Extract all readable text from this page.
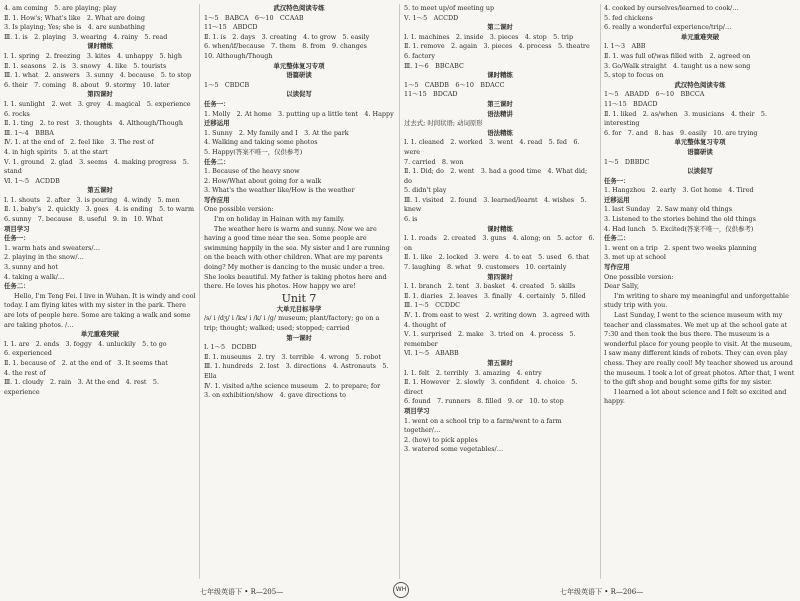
4. am coming　5. are playing; play
Ⅱ. 1. How's; What's like　2. What are doing
3. Is playing; Yes; she is　4. are sunbathing
Ⅲ. 1. is　2. playing　3. wearing　4. rainy　5. read
课时精练
Ⅰ. 1. spring　2. freezing　3. kites　4. unhappy　5. high
Ⅱ. 1. seasons　2. is　3. snowy　4. like　5. tourists
Ⅲ. 1. what　2. answers　3. sunny　4. because　5. to stop
6. their　7. coming　8. about　9. stormy　10. later
第四课时
Ⅰ. 1. sunlight　2. wet　3. grey　4. magical　5. experience
6. rocks
Ⅱ. 1. ting　2. to rest　3. thoughts　4. Although/Though
Ⅲ. 1～4　BBBA
Ⅳ. 1. at the end of　2. feel like　3. The rest of
4. in high spirits　5. at the start
Ⅴ. 1. ground　2. glad　3. seems　4. making progress　5. stand
Ⅵ. 1～5　ACDDB
第五课时
Ⅰ. 1. shouts　2. after　3. is pouring　4. windy　5. men
Ⅱ. 1. baby's　2. quickly　3. goes　4. is ending　5. to warm
6. sunny　7. because　8. useful　9. in　10. What
项目学习
任务一：
1. warm hats and sweaters/…
2. playing in the snow/…
3. sunny and hot
4. taking a walk/…
任务二：
Hello, I'm Teng Fei. I live in Wuhan. It is windy and cool today. I am flying kites with my sister in the park. There are lots of people here. Some are taking a walk and some are taking photos. /…
单元重难突破
Ⅰ. 1. are　2. ends　3. foggy　4. unluckily　5. to go
6. experienced
Ⅱ. 1. because of　2. at the end of　3. It seems that
4. the rest of
Ⅲ. 1. cloudy　2. rain　3. At the end　4. rest　5. experience
武汉特色阅读专练
1～5　BABCA　6～10　CCAAB
11～15　ABDCD
Ⅱ. 1. is　2. days　3. creating　4. to grow　5. easily
6. when/if/because　7. them　8. from　9. changes
10. Although/Though
单元整体复习专项
语篇研读
1～5　CBDCB
以读促写
任务一：
1. Molly　2. At home　3. putting up a little tent　4. Happy
迁移运用
1. Sunny　2. My family and I　3. At the park
4. Walking and taking some photos
5. Happy(答案不唯一，仅供参考)
任务二：
1. Because of the heavy snow
2. How/What about going for a walk
3. What's the weather like/How is the weather
写作应用
One possible version:
I'm on holiday in Hainan with my family.
The weather here is warm and sunny. Now we are having a good time near the sea. Some people are swimming happily in the sea. My sister and I are running on the beach with other children. What are my parents doing? My mother is dancing to the music under a tree. She looks beautiful. My father is taking photos here and there. He loves his photos. How happy we are!
Unit 7
大单元目标导学
/s/ i /dʒ/ i /ks/ i /k/ i /g/ museum; plant/factory; go on a trip; thought; walked; used; stopped; carried
第一课时
Ⅰ. 1～5　DCDBD
Ⅱ. 1. museums　2. try　3. terrible　4. wrong　5. robot
Ⅲ. 1. hundreds　2. lost　3. directions　4. Astronauts　5. Ella
Ⅳ. 1. visited a/the science museum　2. to prepare; for
3. on exhibition/show　4. gave directions to
5. to meet up/of meeting up
Ⅴ. 1～5　ACCDD
第二课时
Ⅰ. 1. machines　2. inside　3. pieces　4. stop　5. trip
Ⅱ. 1. remove　2. again　3. pieces　4. process　5. theatre
6. factory
Ⅲ. 1～6　BBCABC
课时精练
1～5　CABDB　6～10　BDACC
11～15　BDCAD
第三课时
语法精讲
过去式; 时间状语; 动词原形
语法精练
Ⅰ. 1. cleaned　2. worked　3. went　4. read　5. fed　6. were
7. carried　8. won
Ⅱ. 1. Did; do　2. went　3. had a good time　4. What did; do
5. didn't play
Ⅲ. 1. visited　2. found　3. learned/learnt　4. wishes　5. knew
6. is
课时精练
Ⅰ. 1. roads　2. created　3. guns　4. along; on　5. actor　6. on
Ⅱ. 1. like　2. locked　3. were　4. to eat　5. used　6. that
7. laughing　8. what　9. customers　10. certainly
第四课时
Ⅰ. 1. branch　2. tent　3. basket　4. created　5. skills
Ⅱ. 1. diaries　2. leaves　3. finally　4. certainly　5. filled
Ⅲ. 1～5　CCDDC
Ⅳ. 1. from east to west　2. writing down　3. agreed with
4. thought of
Ⅴ. 1. surprised　2. make　3. tried on　4. process　5. remember
Ⅵ. 1～5　ABABB
第五课时
Ⅰ. 1. felt　2. terribly　3. amazing　4. entry
Ⅱ. 1. However　2. slowly　3. confident　4. choice　5. direct
6. found　7. runners　8. filled　9. or　10. to stop
项目学习
1. went on a school trip to a farm/went to a farm together/…
2. (how) to pick apples
3. watered some vegetables/…
4. cooked by ourselves/learned to cook/…
5. fed chickens
6. really a wonderful experience/trip/…
单元重难突破
Ⅰ. 1～3　ABB
Ⅱ. 1. was full of/was filled with　2. agreed on
3. Go/Walk straight　4. taught us a new song
5. stop to focus on
武汉特色阅读专练
1～5　ABADD　6～10　BBCCA
11～15　BDACD
Ⅱ. 1. liked　2. as/when　3. musicians　4. their　5. interesting
6. for　7. and　8. has　9. easily　10. are trying
单元整体复习专项
语篇研读
1～5　DBBDC
以读促写
任务一：
1. Hangzhou　2. early　3. Got home　4. Tired
迁移运用
1. last Sunday　2. Saw many old things
3. Listened to the stories behind the old things
4. Had lunch　5. Excited(答案不唯一，仅供参考)
任务二：
1. went on a trip　2. spent two weeks planning
3. met up at school
写作应用
One possible version:
Dear Sally,
I'm writing to share my meaningful and unforgettable study trip with you.
Last Sunday, I went to the science museum with my teacher and classmates. We met up at the school gate at 7:30 and then took the bus there. The museum is a wonderful place for young people to visit. At the museum, I saw many different kinds of robots. They can even play chess. They are really cool! My teacher showed us around the museum. I took a lot of great photos. After that, I went to the gift shop and bought some gifts for my sister.
I learned a lot about science and I felt so excited and happy.
七年级英语下 • R—205—	WH	七年级英语下 • R—206—
